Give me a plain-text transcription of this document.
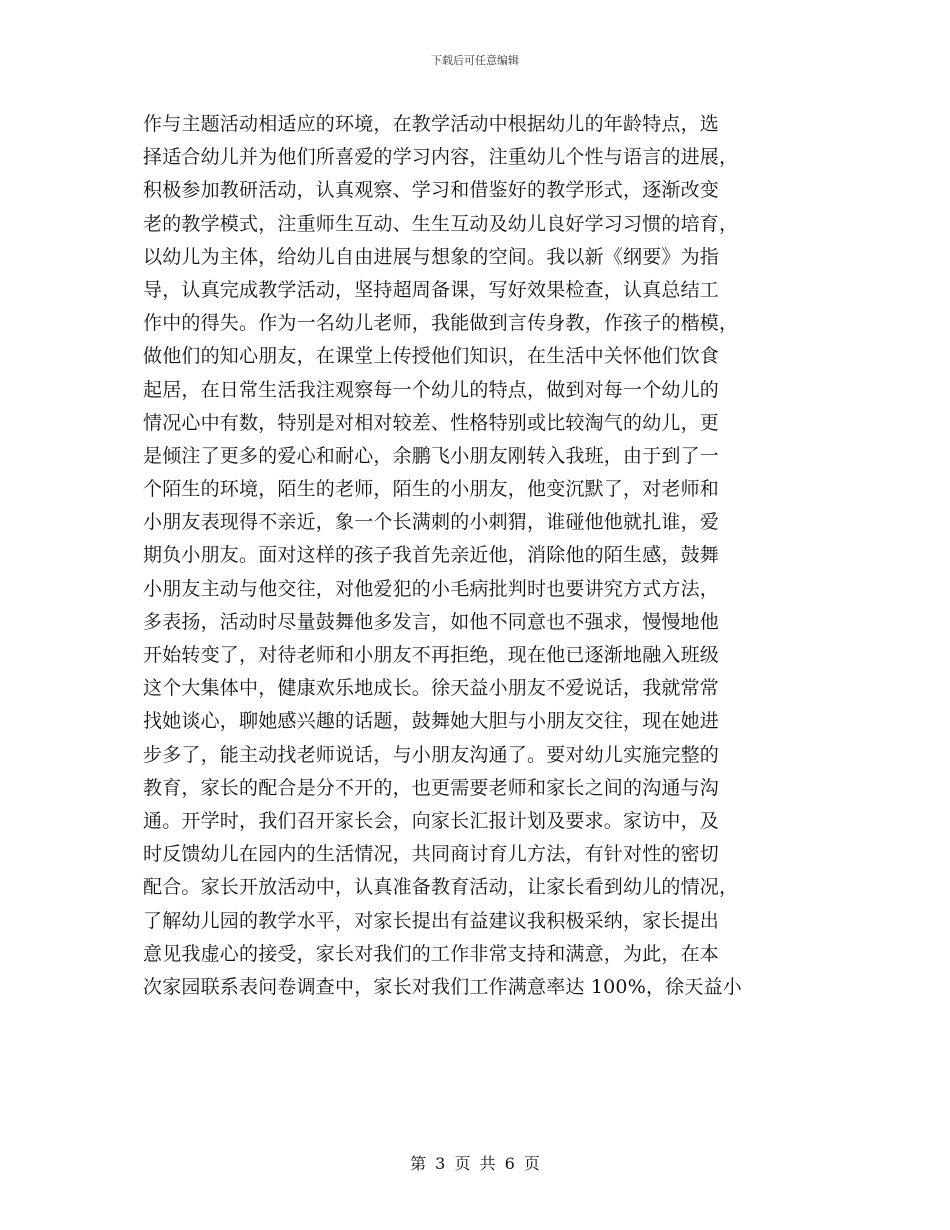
下载后可任意编辑
作与主题活动相适应的环境，在教学活动中根据幼儿的年龄特点，选
择适合幼儿并为他们所喜爱的学习内容，注重幼儿个性与语言的进展，
积极参加教研活动，认真观察、学习和借鉴好的教学形式，逐渐改变
老的教学模式，注重师生互动、生生互动及幼儿良好学习习惯的培育，
以幼儿为主体，给幼儿自由进展与想象的空间。我以新《纲要》为指
导，认真完成教学活动，坚持超周备课，写好效果检查，认真总结工
作中的得失。作为一名幼儿老师，我能做到言传身教，作孩子的楷模，
做他们的知心朋友，在课堂上传授他们知识，在生活中关怀他们饮食
起居，在日常生活我注观察每一个幼儿的特点，做到对每一个幼儿的
情况心中有数，特别是对相对较差、性格特别或比较淘气的幼儿，更
是倾注了更多的爱心和耐心，余鹏飞小朋友刚转入我班，由于到了一
个陌生的环境，陌生的老师，陌生的小朋友，他变沉默了，对老师和
小朋友表现得不亲近，象一个长满刺的小刺猬，谁碰他他就扎谁，爱
期负小朋友。面对这样的孩子我首先亲近他，消除他的陌生感，鼓舞
小朋友主动与他交往，对他爱犯的小毛病批判时也要讲究方式方法，
多表扬，活动时尽量鼓舞他多发言，如他不同意也不强求，慢慢地他
开始转变了，对待老师和小朋友不再拒绝，现在他已逐渐地融入班级
这个大集体中，健康欢乐地成长。徐天益小朋友不爱说话，我就常常
找她谈心，聊她感兴趣的话题，鼓舞她大胆与小朋友交往，现在她进
步多了，能主动找老师说话，与小朋友沟通了。要对幼儿实施完整的
教育，家长的配合是分不开的，也更需要老师和家长之间的沟通与沟
通。开学时，我们召开家长会，向家长汇报计划及要求。家访中，及
时反馈幼儿在园内的生活情况，共同商讨育儿方法，有针对性的密切
配合。家长开放活动中，认真准备教育活动，让家长看到幼儿的情况，
了解幼儿园的教学水平，对家长提出有益建议我积极采纳，家长提出
意见我虚心的接受，家长对我们的工作非常支持和满意，为此，在本
次家园联系表问卷调查中，家长对我们工作满意率达 100%，徐天益小
第 3 页 共 6 页
